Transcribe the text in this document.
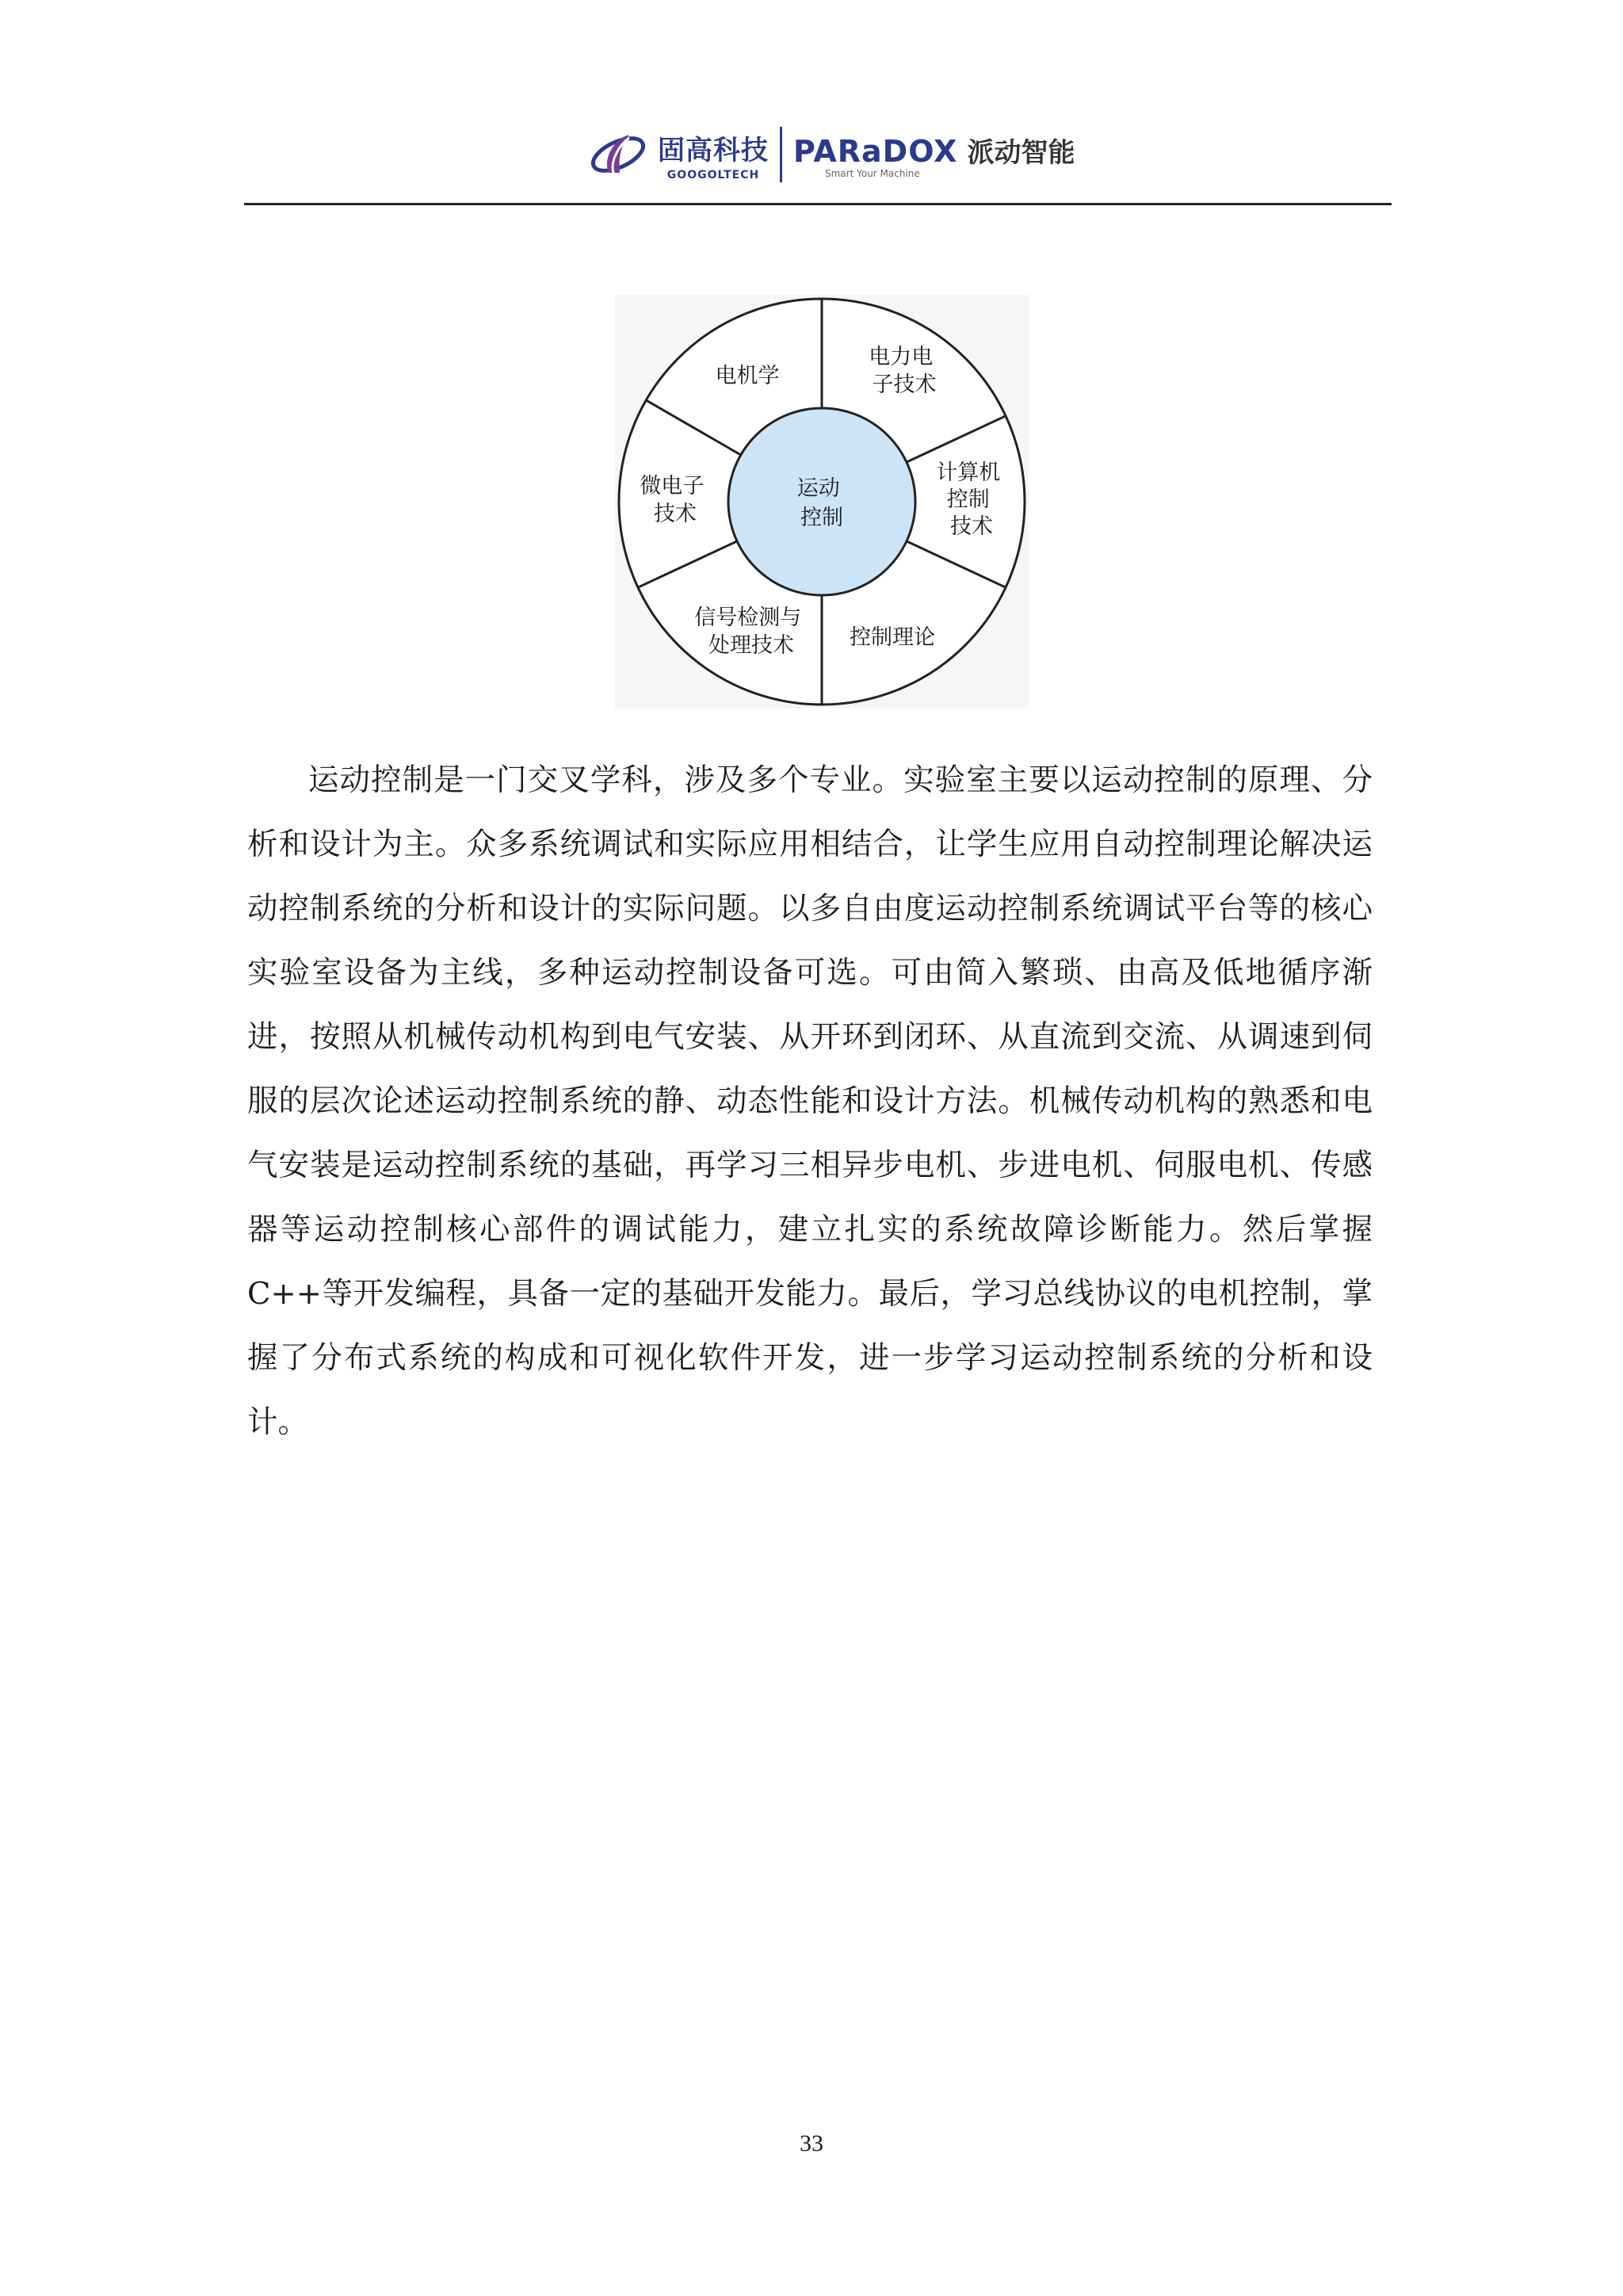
固高科技
GOOGOLTECH
PARaDOX 派动智能
Smart Your Machine
运动 控制
电机学
电力电 子技术
计算机 控制 技术
控制理论
信号检测与 处理技术
微电子 技术
运动控制是一门交叉学科，涉及多个专业。实验室主要以运动控制的原理、分析和设计为主。众多系统调试和实际应用相结合，让学生应用自动控制理论解决运动控制系统的分析和设计的实际问题。以多自由度运动控制系统调试平台等的核心实验室设备为主线，多种运动控制设备可选。可由简入繁琐、由高及低地循序渐进，按照从机械传动机构到电气安装、从开环到闭环、从直流到交流、从调速到伺服的层次论述运动控制系统的静、动态性能和设计方法。机械传动机构的熟悉和电气安装是运动控制系统的基础，再学习三相异步电机、步进电机、伺服电机、传感器等运动控制核心部件的调试能力，建立扎实的系统故障诊断能力。然后掌握C++等开发编程，具备一定的基础开发能力。最后，学习总线协议的电机控制，掌握了分布式系统的构成和可视化软件开发，进一步学习运动控制系统的分析和设计。
33
